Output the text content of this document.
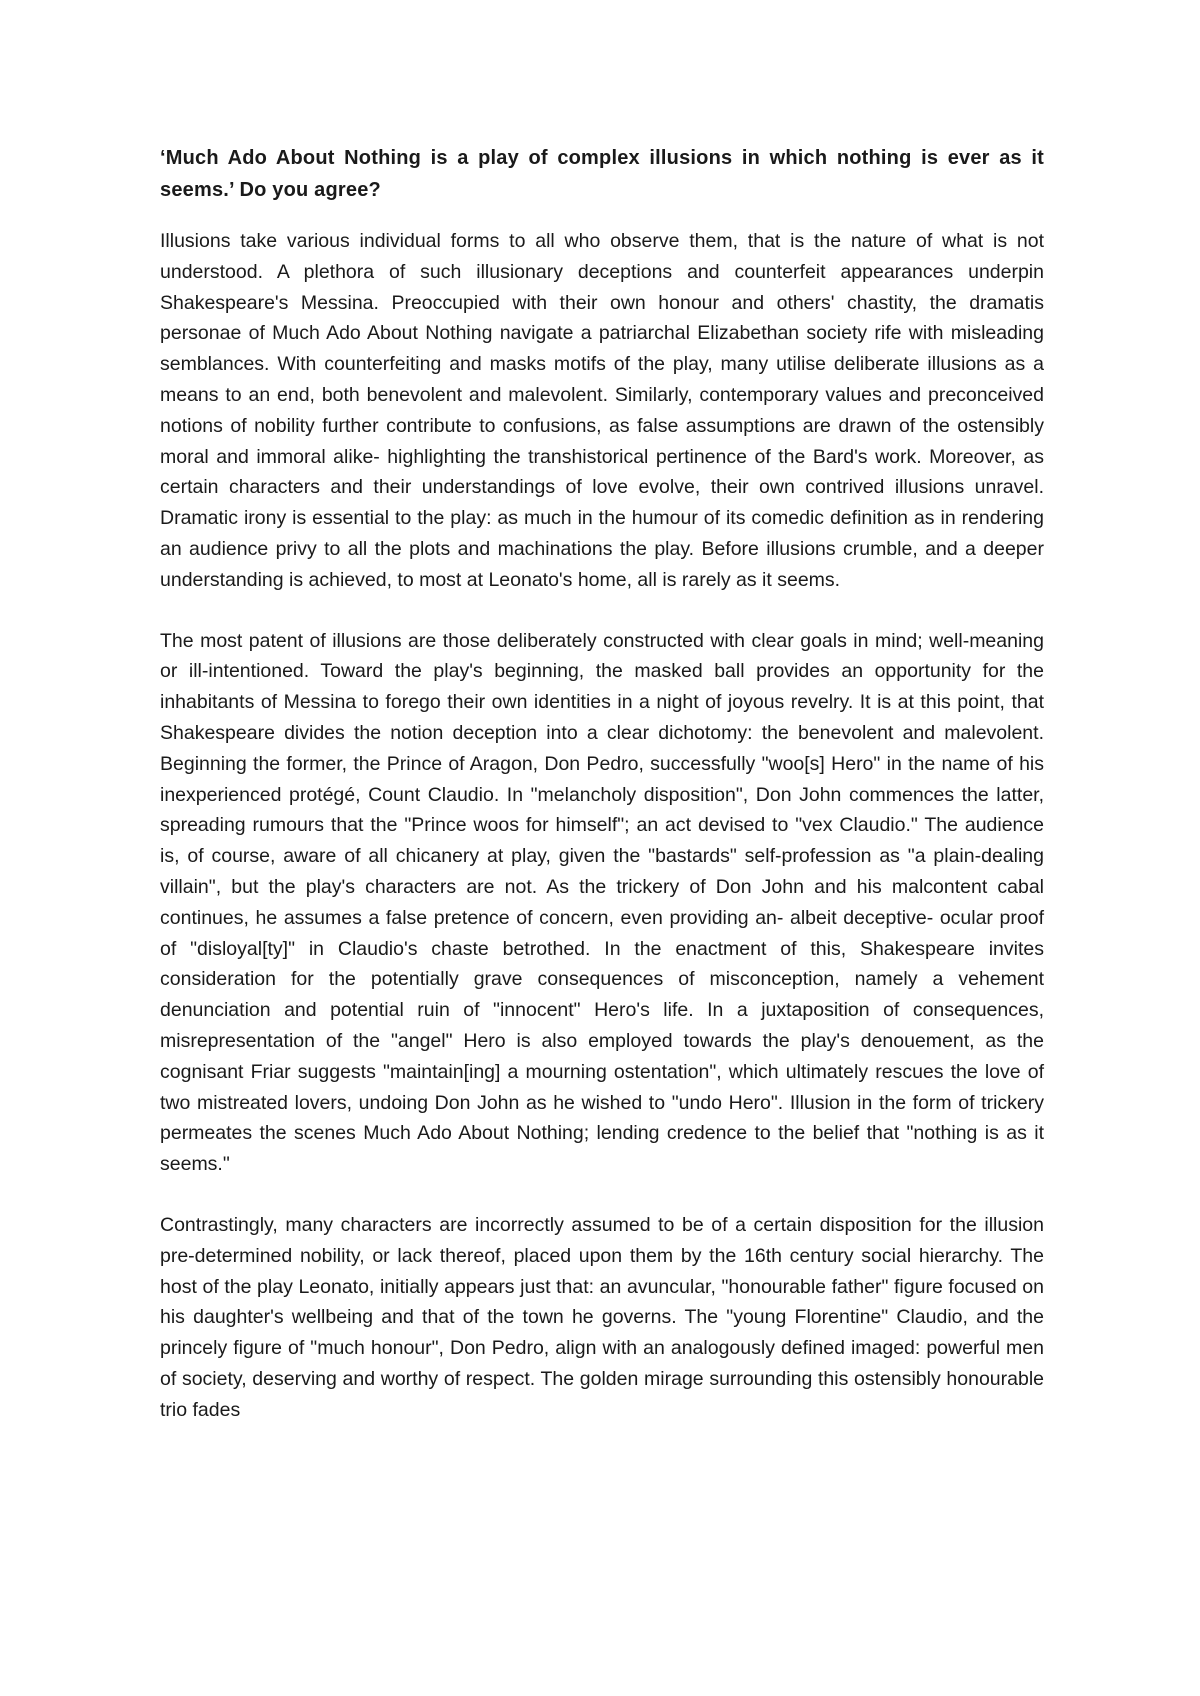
‘Much Ado About Nothing is a play of complex illusions in which nothing is ever as it seems.’ Do you agree?

Illusions take various individual forms to all who observe them, that is the nature of what is not understood. A plethora of such illusionary deceptions and counterfeit appearances underpin Shakespeare's Messina. Preoccupied with their own honour and others' chastity, the dramatis personae of Much Ado About Nothing navigate a patriarchal Elizabethan society rife with misleading semblances. With counterfeiting and masks motifs of the play, many utilise deliberate illusions as a means to an end, both benevolent and malevolent. Similarly, contemporary values and preconceived notions of nobility further contribute to confusions, as false assumptions are drawn of the ostensibly moral and immoral alike- highlighting the transhistorical pertinence of the Bard's work. Moreover, as certain characters and their understandings of love evolve, their own contrived illusions unravel. Dramatic irony is essential to the play: as much in the humour of its comedic definition as in rendering an audience privy to all the plots and machinations the play. Before illusions crumble, and a deeper understanding is achieved, to most at Leonato's home, all is rarely as it seems.

The most patent of illusions are those deliberately constructed with clear goals in mind; well-meaning or ill-intentioned. Toward the play's beginning, the masked ball provides an opportunity for the inhabitants of Messina to forego their own identities in a night of joyous revelry. It is at this point, that Shakespeare divides the notion deception into a clear dichotomy: the benevolent and malevolent. Beginning the former, the Prince of Aragon, Don Pedro, successfully "woo[s] Hero" in the name of his inexperienced protégé, Count Claudio. In "melancholy disposition", Don John commences the latter, spreading rumours that the "Prince woos for himself"; an act devised to "vex Claudio." The audience is, of course, aware of all chicanery at play, given the "bastards" self-profession as "a plain-dealing villain", but the play's characters are not. As the trickery of Don John and his malcontent cabal continues, he assumes a false pretence of concern, even providing an- albeit deceptive- ocular proof of "disloyal[ty]" in Claudio's chaste betrothed. In the enactment of this, Shakespeare invites consideration for the potentially grave consequences of misconception, namely a vehement denunciation and potential ruin of "innocent" Hero's life. In a juxtaposition of consequences, misrepresentation of the "angel" Hero is also employed towards the play's denouement, as the cognisant Friar suggests "maintain[ing] a mourning ostentation", which ultimately rescues the love of two mistreated lovers, undoing Don John as he wished to "undo Hero". Illusion in the form of trickery permeates the scenes Much Ado About Nothing; lending credence to the belief that "nothing is as it seems."

Contrastingly, many characters are incorrectly assumed to be of a certain disposition for the illusion pre-determined nobility, or lack thereof, placed upon them by the 16th century social hierarchy. The host of the play Leonato, initially appears just that: an avuncular, "honourable father" figure focused on his daughter's wellbeing and that of the town he governs. The "young Florentine" Claudio, and the princely figure of "much honour", Don Pedro, align with an analogously defined imaged: powerful men of society, deserving and worthy of respect. The golden mirage surrounding this ostensibly honourable trio fades
